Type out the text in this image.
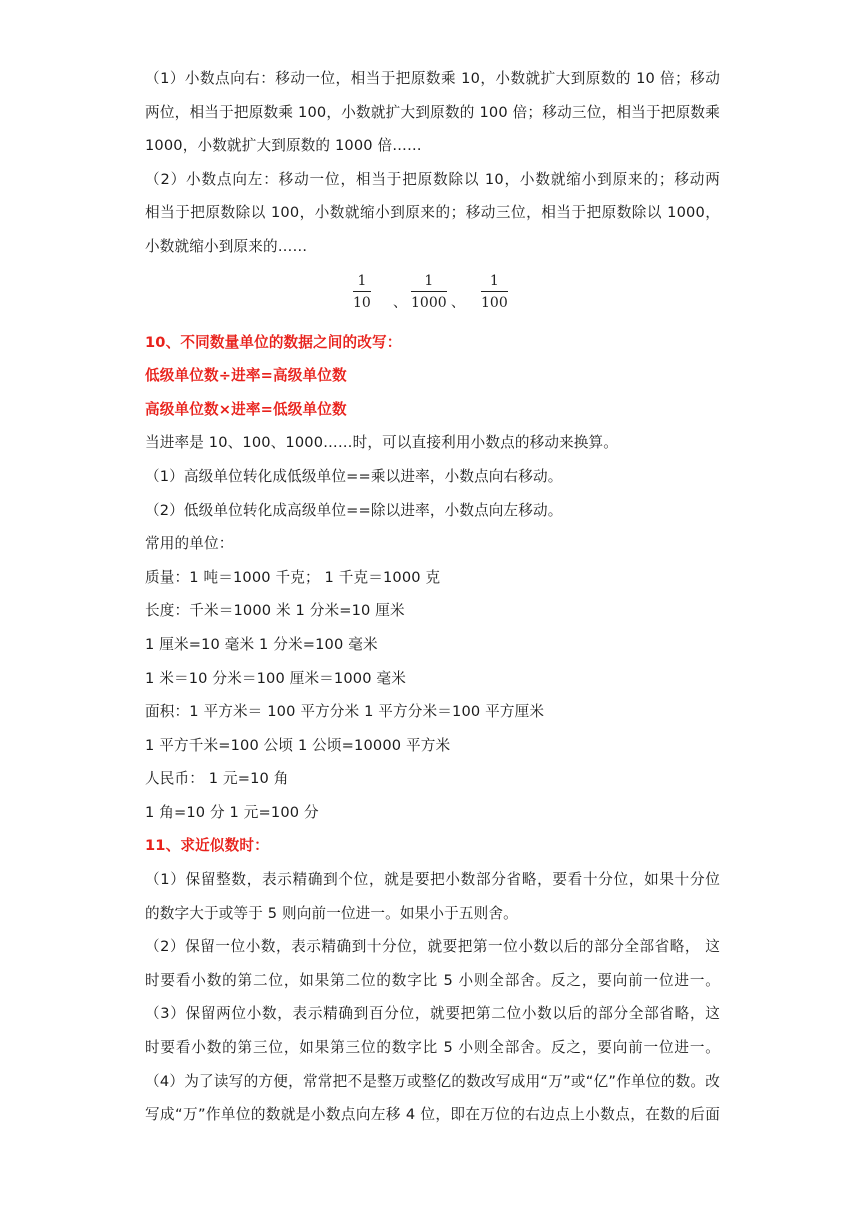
（1）小数点向右：移动一位，相当于把原数乘 10，小数就扩大到原数的 10 倍；移动
两位，相当于把原数乘 100，小数就扩大到原数的 100 倍；移动三位，相当于把原数乘
1000，小数就扩大到原数的 1000 倍……
（2）小数点向左：移动一位，相当于把原数除以 10，小数就缩小到原来的；移动两
相当于把原数除以 100，小数就缩小到原来的；移动三位，相当于把原数除以 1000，
小数就缩小到原来的……
1
10 、
1
1000 、
1
100
10、不同数量单位的数据之间的改写：
低级单位数÷进率=高级单位数
高级单位数×进率=低级单位数
当进率是 10、100、1000……时，可以直接利用小数点的移动来换算。
（1）高级单位转化成低级单位==乘以进率，小数点向右移动。
（2）低级单位转化成高级单位==除以进率，小数点向左移动。
常用的单位：
质量：1 吨＝1000 千克； 1 千克＝1000 克
长度：千米＝1000 米 1 分米=10 厘米
1 厘米=10 毫米 1 分米=100 毫米
1 米＝10 分米＝100 厘米＝1000 毫米
面积：1 平方米＝ 100 平方分米 1 平方分米＝100 平方厘米
1 平方千米=100 公顷 1 公顷=10000 平方米
人民币： 1 元=10 角
1 角=10 分 1 元=100 分
11、求近似数时：
（1）保留整数，表示精确到个位，就是要把小数部分省略，要看十分位，如果十分位
的数字大于或等于 5 则向前一位进一。如果小于五则舍。
（2）保留一位小数，表示精确到十分位，就要把第一位小数以后的部分全部省略， 这
时要看小数的第二位，如果第二位的数字比 5 小则全部舍。反之，要向前一位进一。
（3）保留两位小数，表示精确到百分位，就要把第二位小数以后的部分全部省略，这
时要看小数的第三位，如果第三位的数字比 5 小则全部舍。反之，要向前一位进一。
（4）为了读写的方便，常常把不是整万或整亿的数改写成用“万”或“亿”作单位的数。改
写成“万”作单位的数就是小数点向左移 4 位，即在万位的右边点上小数点，在数的后面
